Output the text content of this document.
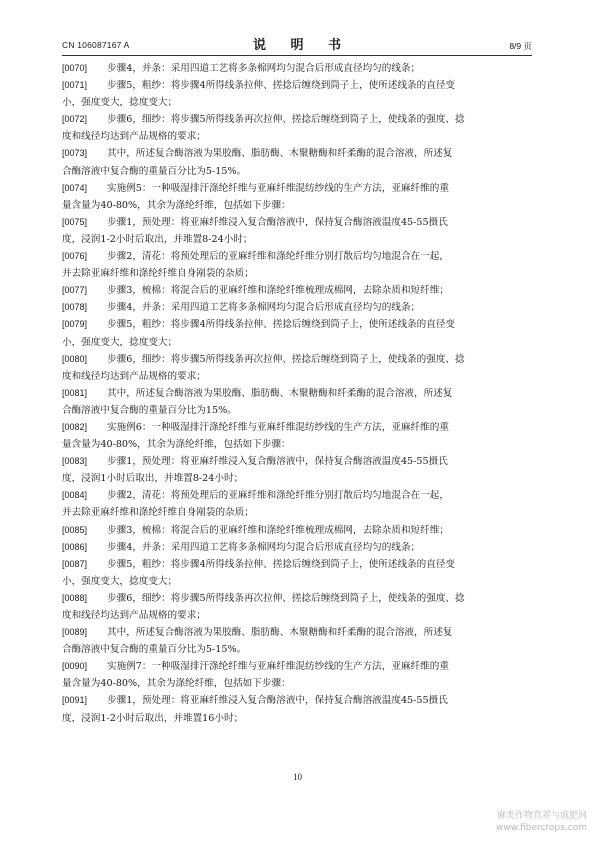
CN 106087167 A	说 明 书	8/9 页
[0070] 步骤4，并条：采用四道工艺将多条棉网均匀混合后形成直径均匀的线条；
[0071] 步骤5，粗纱：将步骤4所得线条拉伸、搓捻后缠绕到筒子上，使所述线条的直径变
小，强度变大，捻度变大；
[0072] 步骤6，细纱：将步骤5所得线条再次拉伸、搓捻后缠绕到筒子上，使线条的强度、捻
度和线径均达到产品规格的要求；
[0073] 其中，所述复合酶溶液为果胶酶、脂肪酶、木聚糖酶和纤柔酶的混合溶液，所述复
合酶溶液中复合酶的重量百分比为5-15%。
[0074] 实施例5：一种吸湿排汗涤纶纤维与亚麻纤维混纺纱线的生产方法，亚麻纤维的重
量含量为40-80%，其余为涤纶纤维，包括如下步骤：
[0075] 步骤1，预处理：将亚麻纤维浸入复合酶溶液中，保持复合酶溶液温度45-55摄氏
度，浸润1-2小时后取出，并堆置8-24小时；
[0076] 步骤2，清花：将预处理后的亚麻纤维和涤纶纤维分别打散后均匀地混合在一起，
并去除亚麻纤维和涤纶纤维自身剐袋的杂质；
[0077] 步骤3，梳棉：将混合后的亚麻纤维和涤纶纤维梳理成棉网，去除杂质和短纤维；
[0078] 步骤4，并条：采用四道工艺将多条棉网均匀混合后形成直径均匀的线条；
[0079] 步骤5，粗纱：将步骤4所得线条拉伸、搓捻后缠绕到筒子上，使所述线条的直径变
小，强度变大，捻度变大；
[0080] 步骤6，细纱：将步骤5所得线条再次拉伸、搓捻后缠绕到筒子上，使线条的强度、捻
度和线径均达到产品规格的要求；
[0081] 其中，所述复合酶溶液为果胶酶、脂肪酶、木聚糖酶和纤柔酶的混合溶液，所述复
合酶溶液中复合酶的重量百分比为15%。
[0082] 实施例6：一种吸湿排汗涤纶纤维与亚麻纤维混纺纱线的生产方法，亚麻纤维的重
量含量为40-80%，其余为涤纶纤维，包括如下步骤：
[0083] 步骤1，预处理：将亚麻纤维浸入复合酶溶液中，保持复合酶溶液温度45-55摄氏
度，浸润1小时后取出，并堆置8-24小时；
[0084] 步骤2，清花：将预处理后的亚麻纤维和涤纶纤维分别打散后均匀地混合在一起，
并去除亚麻纤维和涤纶纤维自身剐袋的杂质；
[0085] 步骤3，梳棉：将混合后的亚麻纤维和涤纶纤维梳理成棉网，去除杂质和短纤维；
[0086] 步骤4，并条：采用四道工艺将多条棉网均匀混合后形成直径均匀的线条；
[0087] 步骤5，粗纱：将步骤4所得线条拉伸、搓捻后缠绕到筒子上，使所述线条的直径变
小，强度变大，捻度变大；
[0088] 步骤6，细纱：将步骤5所得线条再次拉伸、搓捻后缠绕到筒子上，使线条的强度、捻
度和线径均达到产品规格的要求；
[0089] 其中，所述复合酶溶液为果胶酶、脂肪酶、木聚糖酶和纤柔酶的混合溶液，所述复
合酶溶液中复合酶的重量百分比为5-15%。
[0090] 实施例7：一种吸湿排汗涤纶纤维与亚麻纤维混纺纱线的生产方法，亚麻纤维的重
量含量为40-80%，其余为涤纶纤维，包括如下步骤：
[0091] 步骤1，预处理：将亚麻纤维浸入复合酶溶液中，保持复合酶溶液温度45-55摄氏
度，浸润1-2小时后取出，并堆置16小时；
10
麻类作物营养与施肥网
www.fibercrops.com
